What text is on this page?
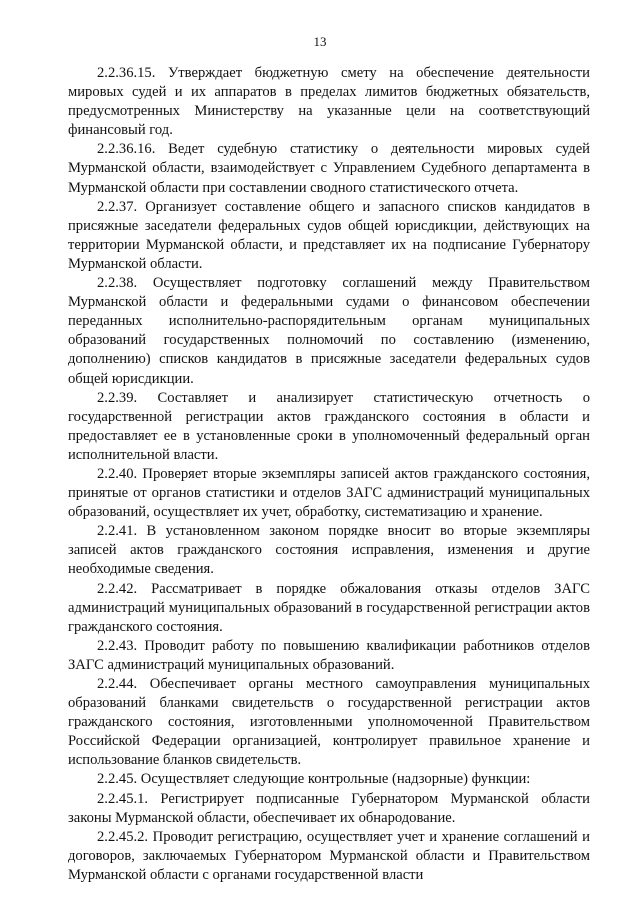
13

2.2.36.15. Утверждает бюджетную смету на обеспечение деятельности мировых судей и их аппаратов в пределах лимитов бюджетных обязательств, предусмотренных Министерству на указанные цели на соответствующий финансовый год.

2.2.36.16. Ведет судебную статистику о деятельности мировых судей Мурманской области, взаимодействует с Управлением Судебного департамента в Мурманской области при составлении сводного статистического отчета.

2.2.37. Организует составление общего и запасного списков кандидатов в присяжные заседатели федеральных судов общей юрисдикции, действующих на территории Мурманской области, и представляет их на подписание Губернатору Мурманской области.

2.2.38. Осуществляет подготовку соглашений между Правительством Мурманской области и федеральными судами о финансовом обеспечении переданных исполнительно-распорядительным органам муниципальных образований государственных полномочий по составлению (изменению, дополнению) списков кандидатов в присяжные заседатели федеральных судов общей юрисдикции.

2.2.39. Составляет и анализирует статистическую отчетность о государственной регистрации актов гражданского состояния в области и предоставляет ее в установленные сроки в уполномоченный федеральный орган исполнительной власти.

2.2.40. Проверяет вторые экземпляры записей актов гражданского состояния, принятые от органов статистики и отделов ЗАГС администраций муниципальных образований, осуществляет их учет, обработку, систематизацию и хранение.

2.2.41. В установленном законом порядке вносит во вторые экземпляры записей актов гражданского состояния исправления, изменения и другие необходимые сведения.

2.2.42. Рассматривает в порядке обжалования отказы отделов ЗАГС администраций муниципальных образований в государственной регистрации актов гражданского состояния.

2.2.43. Проводит работу по повышению квалификации работников отделов ЗАГС администраций муниципальных образований.

2.2.44. Обеспечивает органы местного самоуправления муниципальных образований бланками свидетельств о государственной регистрации актов гражданского состояния, изготовленными уполномоченной Правительством Российской Федерации организацией, контролирует правильное хранение и использование бланков свидетельств.

2.2.45. Осуществляет следующие контрольные (надзорные) функции:

2.2.45.1. Регистрирует подписанные Губернатором Мурманской области законы Мурманской области, обеспечивает их обнародование.

2.2.45.2. Проводит регистрацию, осуществляет учет и хранение соглашений и договоров, заключаемых Губернатором Мурманской области и Правительством Мурманской области с органами государственной власти
